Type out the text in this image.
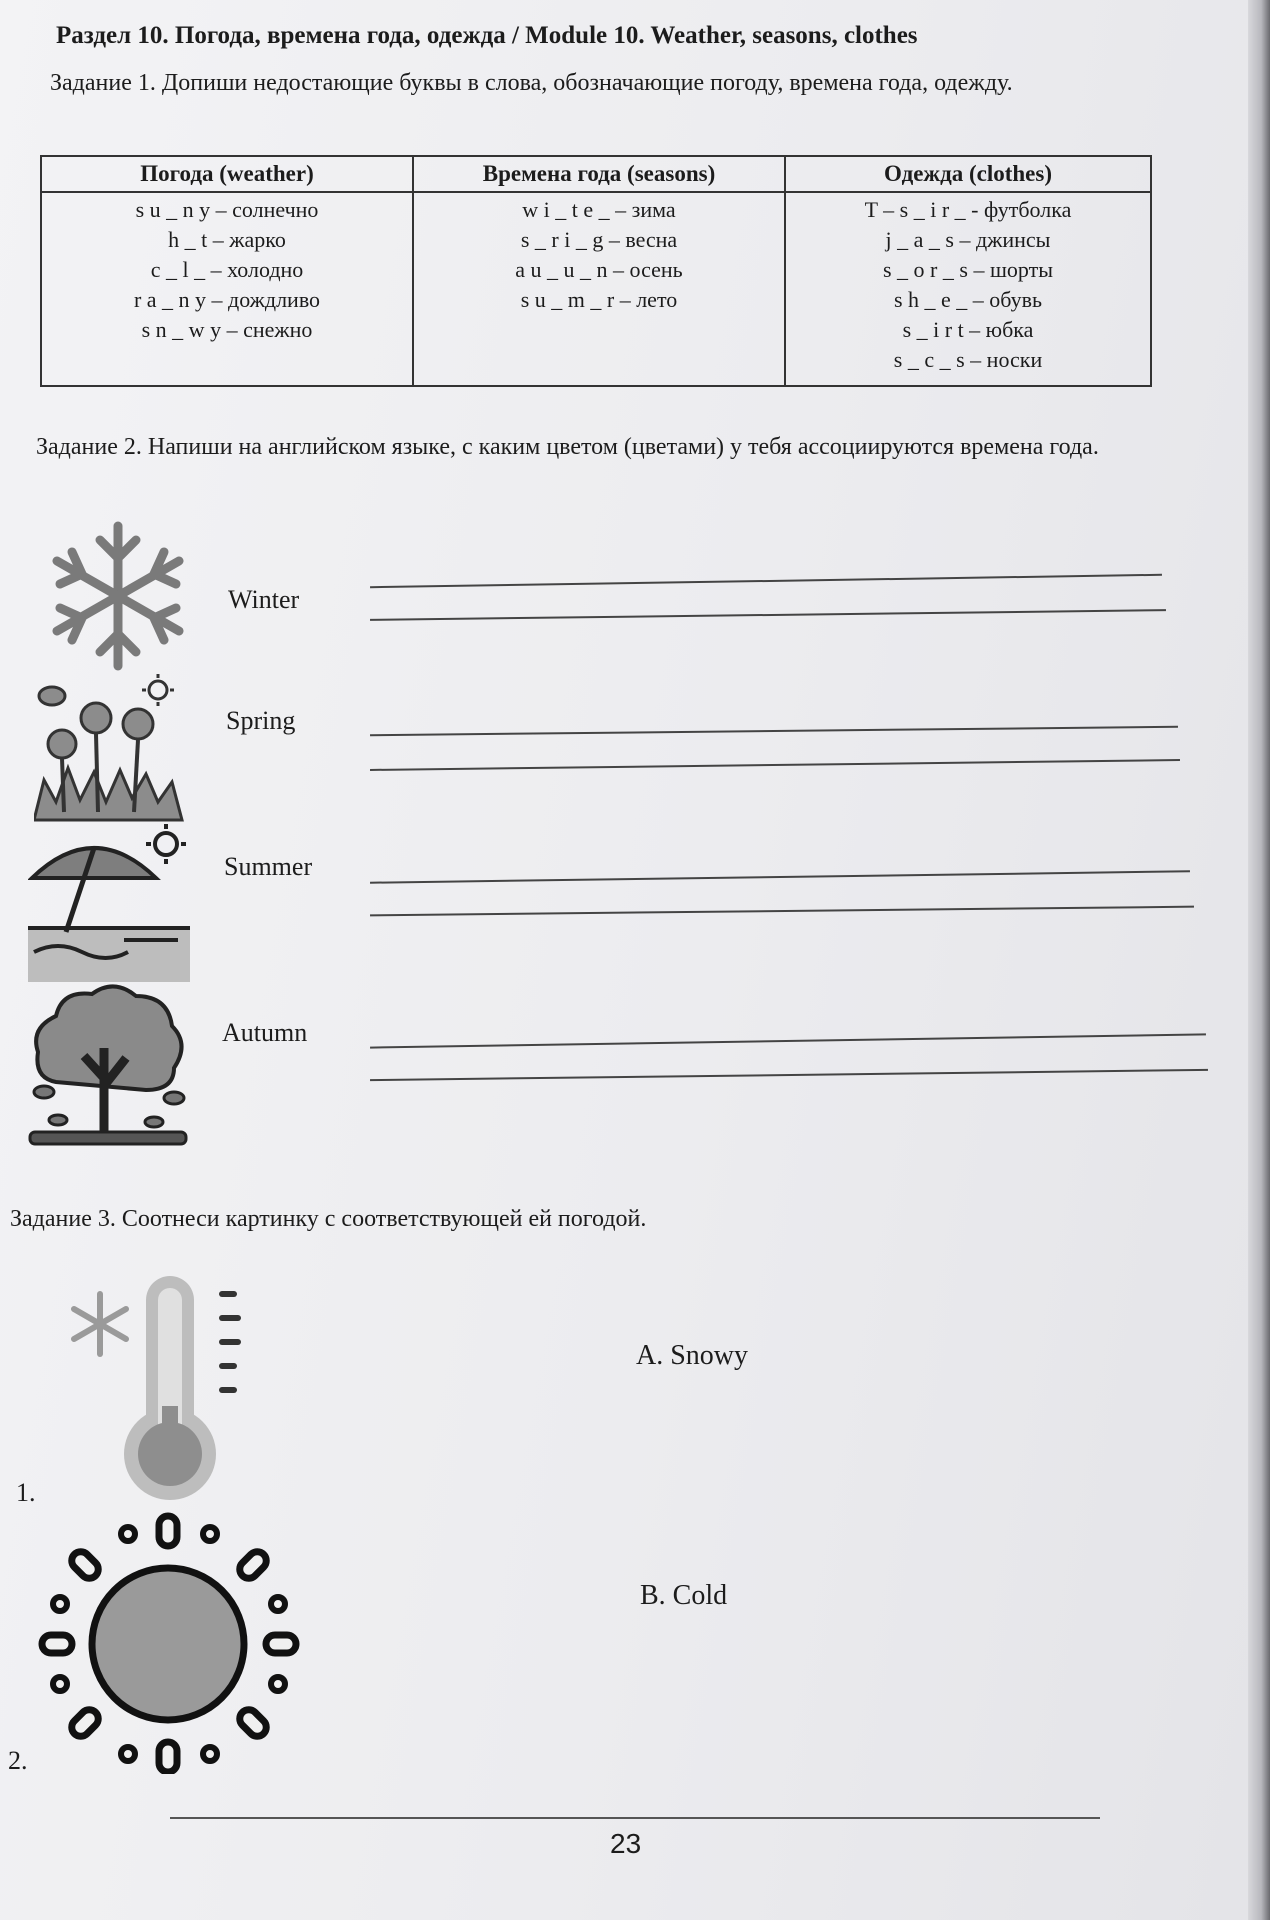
Раздел 10. Погода, времена года, одежда / Module 10. Weather, seasons, clothes
Задание 1. Допиши недостающие буквы в слова, обозначающие погоду, времена года, одежду.
Погода (weather)
s u _ n y – солнечно
h _ t – жарко
c _ l _ – холодно
r a _ n y – дождливо
s n _ w y – снежно
Времена года (seasons)
w i _ t e _ – зима
s _ r i _ g – весна
a u _ u _ n – осень
s u _ m _ r – лето
Одежда (clothes)
T – s _ i r _ - футболка
j _ a _ s – джинсы
s _ o r _ s – шорты
s h _ e _ – обувь
s _ i r t – юбка
s _ c _ s – носки
Задание 2. Напиши на английском языке, с каким цветом (цветами) у тебя ассоциируются времена года.
Winter
Spring
Summer
Autumn
Задание 3. Соотнеси картинку с соответствующей ей погодой.
1.
A. Snowy
2.
B. Cold
23
